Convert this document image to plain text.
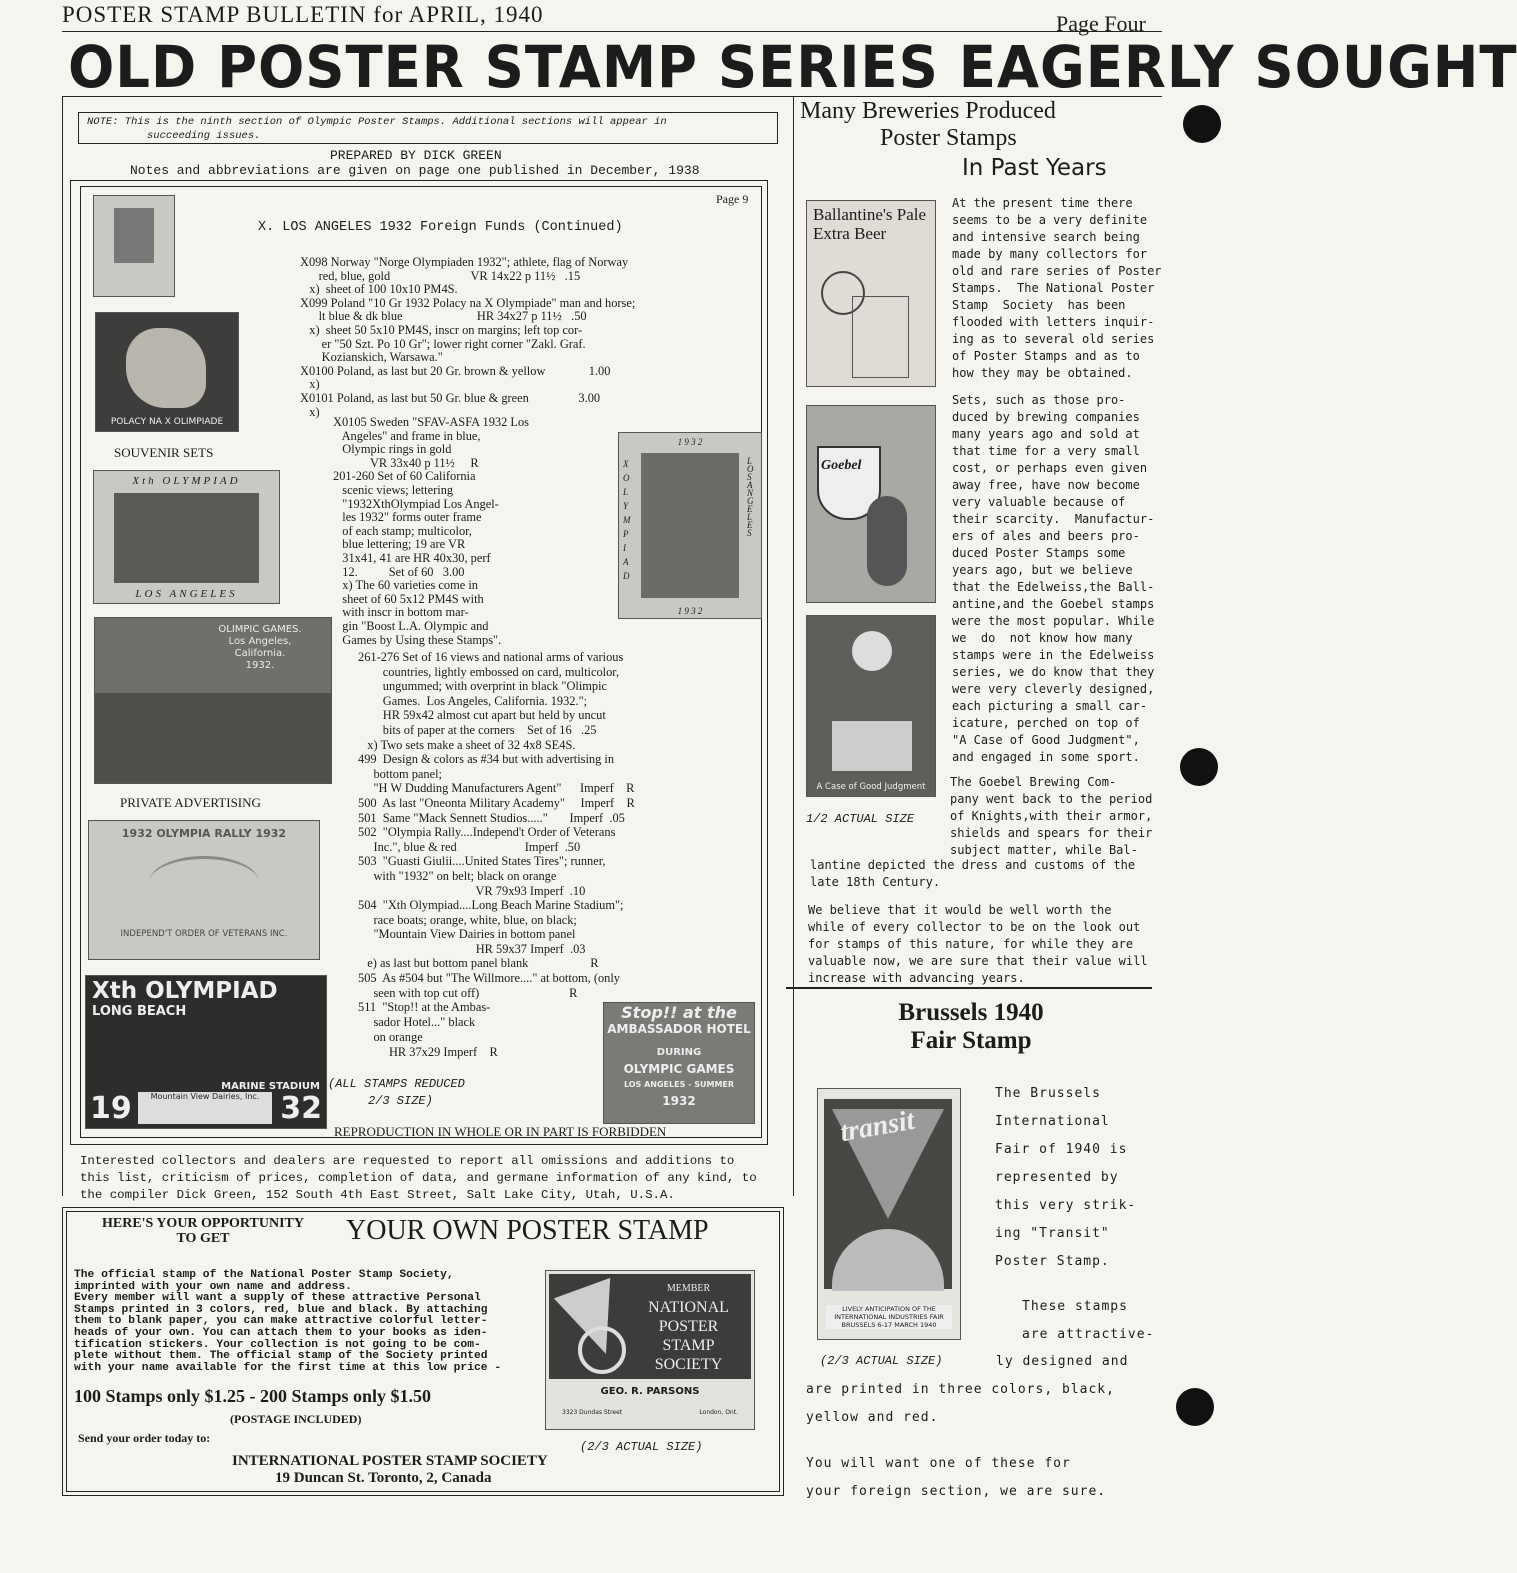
POSTER STAMP BULLETIN for APRIL, 1940	Page Four
OLD POSTER STAMP SERIES EAGERLY SOUGHT
NOTE: This is the ninth section of Olympic Poster Stamps. Additional sections will appear in
succeeding issues.
PREPARED BY DICK GREEN
Notes and abbreviations are given on page one published in December, 1938
Page 9
X. LOS ANGELES 1932 Foreign Funds (Continued)
POLACY NA X OLIMPIADE
SOUVENIR SETS
Xth OLYMPIAD
LOS ANGELES
OLIMPIC GAMES.
Los Angeles, California.
1932.
PRIVATE ADVERTISING
1932 OLYMPIA RALLY 1932
INDEPEND'T ORDER OF VETERANS INC.
Xth OLYMPIAD
LONG BEACH
MARINE STADIUM
19	32
Mountain View Dairies, Inc.
(ALL STAMPS REDUCED
2/3 SIZE)
REPRODUCTION IN WHOLE OR IN PART IS FORBIDDEN
1 9 3 2
X O L Y M P I A D
L O S A N G E L E S
1 9 3 2
Stop!! at the
AMBASSADOR HOTEL
DURING
OLYMPIC GAMES
LOS ANGELES - SUMMER
1932
X098 Norway "Norge Olympiaden 1932"; athlete, flag of Norway
red, blue, gold                          VR 14x22 p 11½   .15
x)  sheet of 100 10x10 PM4S.
X099 Poland "10 Gr 1932 Polacy na X Olympiade" man and horse;
lt blue & dk blue                        HR 34x27 p 11½   .50
x)  sheet 50 5x10 PM4S, inscr on margins; left top cor-
er "50 Szt. Po 10 Gr"; lower right corner "Zakl. Graf.
Kozianskich, Warsawa."
X0100 Poland, as last but 20 Gr. brown & yellow              1.00
x)
X0101 Poland, as last but 50 Gr. blue & green                3.00
x)
X0105 Sweden "SFAV-ASFA 1932 Los
Angeles" and frame in blue,
Olympic rings in gold
VR 33x40 p 11½     R
201-260 Set of 60 California
scenic views; lettering
"1932XthOlympiad Los Angel-
les 1932" forms outer frame
of each stamp; multicolor,
blue lettering; 19 are VR
31x41, 41 are HR 40x30, perf
12.          Set of 60   3.00
x) The 60 varieties come in
sheet of 60 5x12 PM4S with
with inscr in bottom mar-
gin "Boost L.A. Olympic and
Games by Using these Stamps".
261-276 Set of 16 views and national arms of various
countries, lightly embossed on card, multicolor,
ungummed; with overprint in black "Olimpic
Games.  Los Angeles, California. 1932.";
HR 59x42 almost cut apart but held by uncut
bits of paper at the corners    Set of 16   .25
x) Two sets make a sheet of 32 4x8 SE4S.
499  Design & colors as #34 but with advertising in
bottom panel;
"H W Dudding Manufacturers Agent"      Imperf    R
500  As last "Oneonta Military Academy"     Imperf    R
501  Same "Mack Sennett Studios....."       Imperf  .05
502  "Olympia Rally....Independ't Order of Veterans
Inc.", blue & red                      Imperf  .50
503  "Guasti Giulii....United States Tires"; runner,
with "1932" on belt; black on orange
VR 79x93 Imperf  .10
504  "Xth Olympiad....Long Beach Marine Stadium";
race boats; orange, white, blue, on black;
"Mountain View Dairies in bottom panel
HR 59x37 Imperf  .03
e) as last but bottom panel blank                    R
505  As #504 but "The Willmore...." at bottom, (only
seen with top cut off)                             R
511  "Stop!! at the Ambas-
sador Hotel..." black
on orange
HR 37x29 Imperf    R
Interested collectors and dealers are requested to report all omissions and additions to
this list, criticism of prices, completion of data, and germane information of any kind, to
the compiler Dick Green, 152 South 4th East Street, Salt Lake City, Utah, U.S.A.
HERE'S YOUR OPPORTUNITY
TO GET	YOUR OWN POSTER STAMP
The official stamp of the National Poster Stamp Society,
imprinted with your own name and address.
Every member will want a supply of these attractive Personal
Stamps printed in 3 colors, red, blue and black. By attaching
them to blank paper, you can make attractive colorful letter-
heads of your own. You can attach them to your books as iden-
tification stickers. Your collection is not going to be com-
plete without them. The official stamp of the Society printed
with your name available for the first time at this low price -
100 Stamps only $1.25 - 200 Stamps only $1.50
(POSTAGE INCLUDED)
Send your order today to:
INTERNATIONAL POSTER STAMP SOCIETY
19 Duncan St. Toronto, 2, Canada
(2/3 ACTUAL SIZE)
MEMBER
NATIONAL
POSTER
STAMP
SOCIETY
GEO. R. PARSONS
3323 Dundas Street	London, Ont.
Many Breweries Produced
Poster Stamps
In Past Years
Ballantine's Pale Extra Beer
Goebel
A Case of Good Judgment
1/2 ACTUAL SIZE
At the present time there
seems to be a very definite
and intensive search being
made by many collectors for
old and rare series of Poster
Stamps.  The National Poster
Stamp  Society  has been
flooded with letters inquir-
ing as to several old series
of Poster Stamps and as to
how they may be obtained.
Sets, such as those pro-
duced by brewing companies
many years ago and sold at
that time for a very small
cost, or perhaps even given
away free, have now become
very valuable because of
their scarcity.  Manufactur-
ers of ales and beers pro-
duced Poster Stamps some
years ago, but we believe
that the Edelweiss,the Ball-
antine,and the Goebel stamps
were the most popular. While
we  do  not know how many
stamps were in the Edelweiss
series, we do know that they
were very cleverly designed,
each picturing a small car-
icature, perched on top of
"A Case of Good Judgment",
and engaged in some sport.
The Goebel Brewing Com-
pany went back to the period
of Knights,with their armor,
shields and spears for their
subject matter, while Bal-
lantine depicted the dress and customs of the
late 18th Century.
We believe that it would be well worth the
while of every collector to be on the look out
for stamps of this nature, for while they are
valuable now, we are sure that their value will
increase with advancing years.
Brussels 1940
Fair Stamp
transit
LIVELY ANTICIPATION OF THE INTERNATIONAL INDUSTRIES FAIR BRUSSELS 6-17 MARCH 1940
The Brussels
International
Fair of 1940 is
represented by
this very strik-
ing "Transit"
Poster Stamp.
These stamps
are attractive-
(2/3 ACTUAL SIZE)	ly designed and
are printed in three colors, black,
yellow and red.
You will want one of these for
your foreign section, we are sure.
